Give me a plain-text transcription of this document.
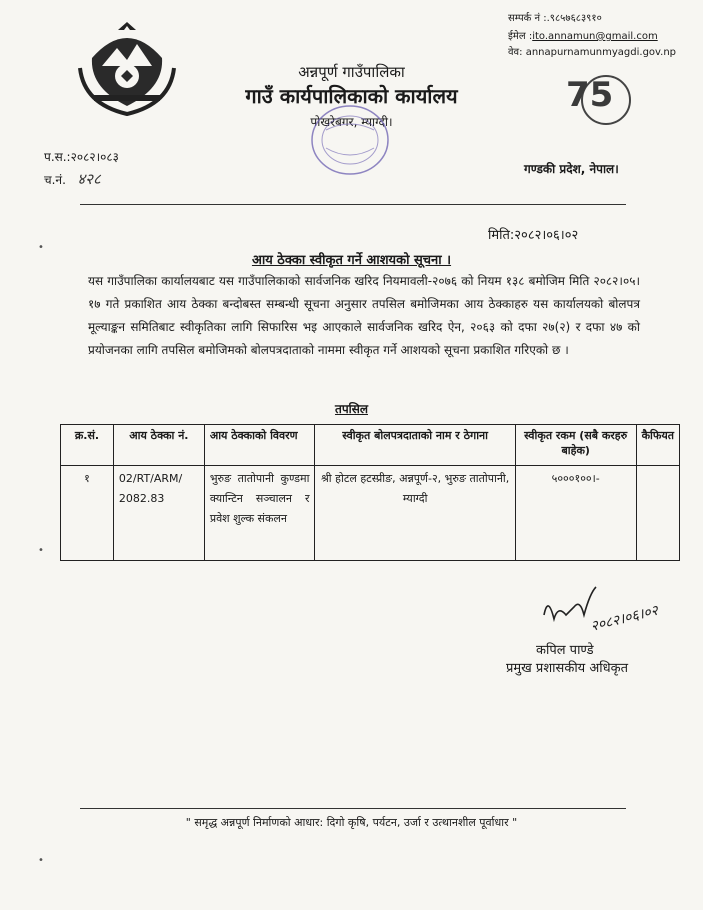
अन्नपूर्ण गाउँपालिका
गाउँ कार्यपालिकाको कार्यालय
पोखरेबगर, म्याग्दी।
सम्पर्क नं :.९८५७६८३९१०
ईमेल :ito.annamun@gmail.com
वेव: annapurnamunmyagdi.gov.np
75
गण्डकी प्रदेश, नेपाल।
प.स.:२०८२।०८३
च.नं. ४२८
मिति:२०८२।०६।०२
आय ठेक्का स्वीकृत गर्ने आशयको सूचना ।
यस गाउँपालिका कार्यालयबाट यस गाउँपालिकाको सार्वजनिक खरिद नियमावली-२०७६ को नियम १३८ बमोजिम मिति २०८२।०५।१७ गते प्रकाशित आय ठेक्का बन्दोबस्त सम्बन्धी सूचना अनुसार तपसिल बमोजिमका आय ठेक्काहरु यस कार्यालयको बोलपत्र मूल्याङ्कन समितिबाट स्वीकृतिका लागि सिफारिस भइ आएकाले सार्वजनिक खरिद ऐन, २०६३ को दफा २७(२) र दफा ४७ को प्रयोजनका लागि तपसिल बमोजिमको बोलपत्रदाताको नाममा स्वीकृत गर्ने आशयको सूचना प्रकाशित गरिएको छ ।
तपसिल
क्र.सं.	आय ठेक्का नं.	आय ठेक्काको विवरण	स्वीकृत बोलपत्रदाताको नाम र ठेगाना	स्वीकृत रकम (सबै करहरु बाहेक)	कैफियत
१	02/RT/ARM/ 2082.83	भुरुङ तातोपानी कुण्डमा क्यान्टिन सञ्चालन र प्रवेश शुल्क संकलन	श्री होटल हटस्प्रीङ, अन्नपूर्ण-२, भुरुङ तातोपानी, म्याग्दी	५०००१००।-	
२०८२।०६।०२
कपिल पाण्डे
प्रमुख प्रशासकीय अधिकृत
" समृद्ध अन्नपूर्ण निर्माणको आधार: दिगो कृषि, पर्यटन, उर्जा र उत्थानशील पूर्वाधार "
•
•
•
